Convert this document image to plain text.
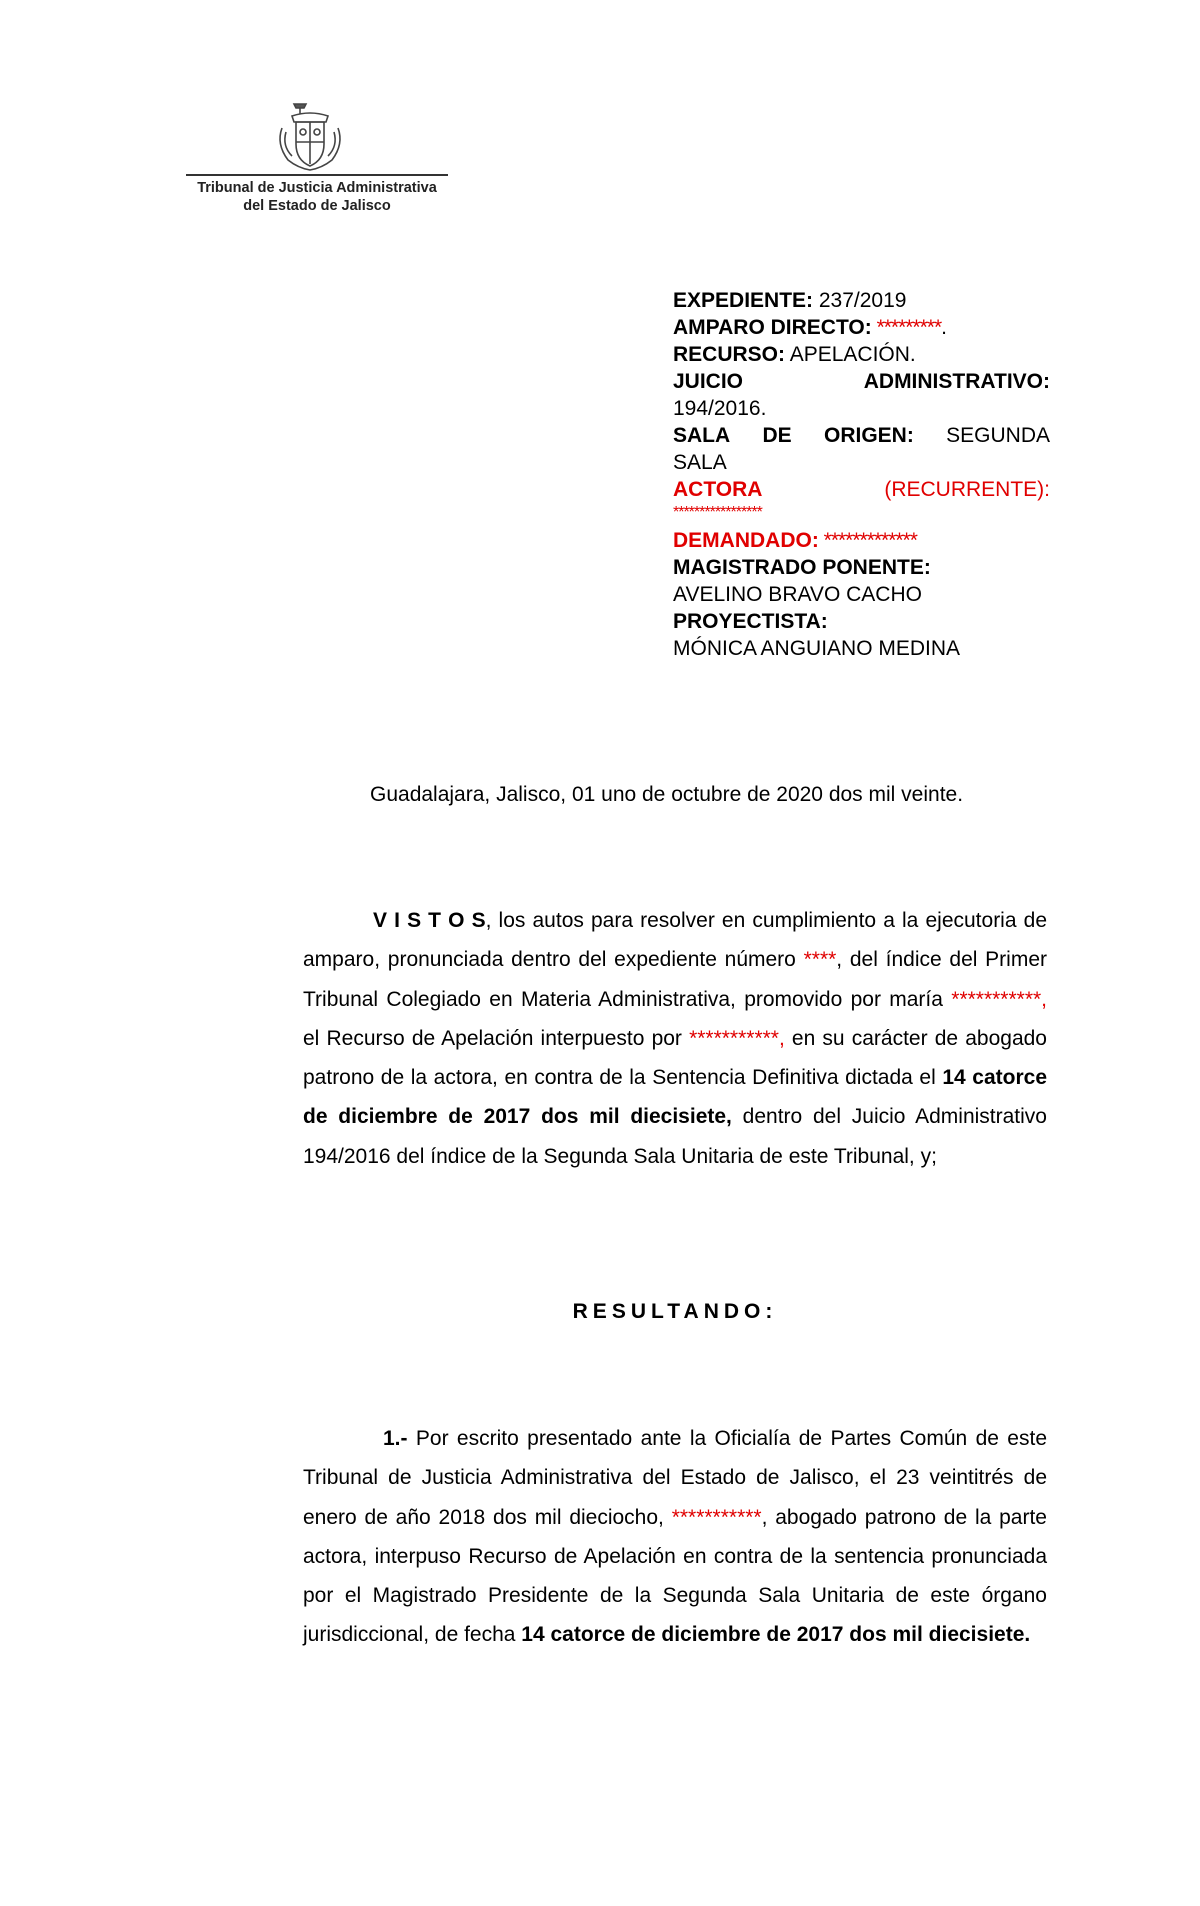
Tribunal de Justicia Administrativa
del Estado de Jalisco
EXPEDIENTE: 237/2019
AMPARO DIRECTO: *********.
RECURSO: APELACIÓN.
JUICIO	ADMINISTRATIVO:
194/2016.
SALA DE ORIGEN: SEGUNDA
SALA
ACTORA	(RECURRENTE):
*****************
DEMANDADO: *************
MAGISTRADO PONENTE:
AVELINO BRAVO CACHO
PROYECTISTA:
MÓNICA ANGUIANO MEDINA
Guadalajara, Jalisco, 01 uno de octubre de 2020 dos mil veinte.
V I S T O S, los autos para resolver en cumplimiento a la ejecutoria de amparo, pronunciada dentro del expediente número ****, del índice del Primer Tribunal Colegiado en Materia Administrativa, promovido por maría ***********, el Recurso de Apelación interpuesto por ***********, en su carácter de abogado patrono de la actora, en contra de la Sentencia Definitiva dictada el 14 catorce de diciembre de 2017 dos mil diecisiete, dentro del Juicio Administrativo 194/2016 del índice de la Segunda Sala Unitaria de este Tribunal, y;
RESULTANDO:
1.- Por escrito presentado ante la Oficialía de Partes Común de este Tribunal de Justicia Administrativa del Estado de Jalisco, el 23 veintitrés de enero de año 2018 dos mil dieciocho, ***********, abogado patrono de la parte actora, interpuso Recurso de Apelación en contra de la sentencia pronunciada por el Magistrado Presidente de la Segunda Sala Unitaria de este órgano jurisdiccional, de fecha 14 catorce de diciembre de 2017 dos mil diecisiete.
